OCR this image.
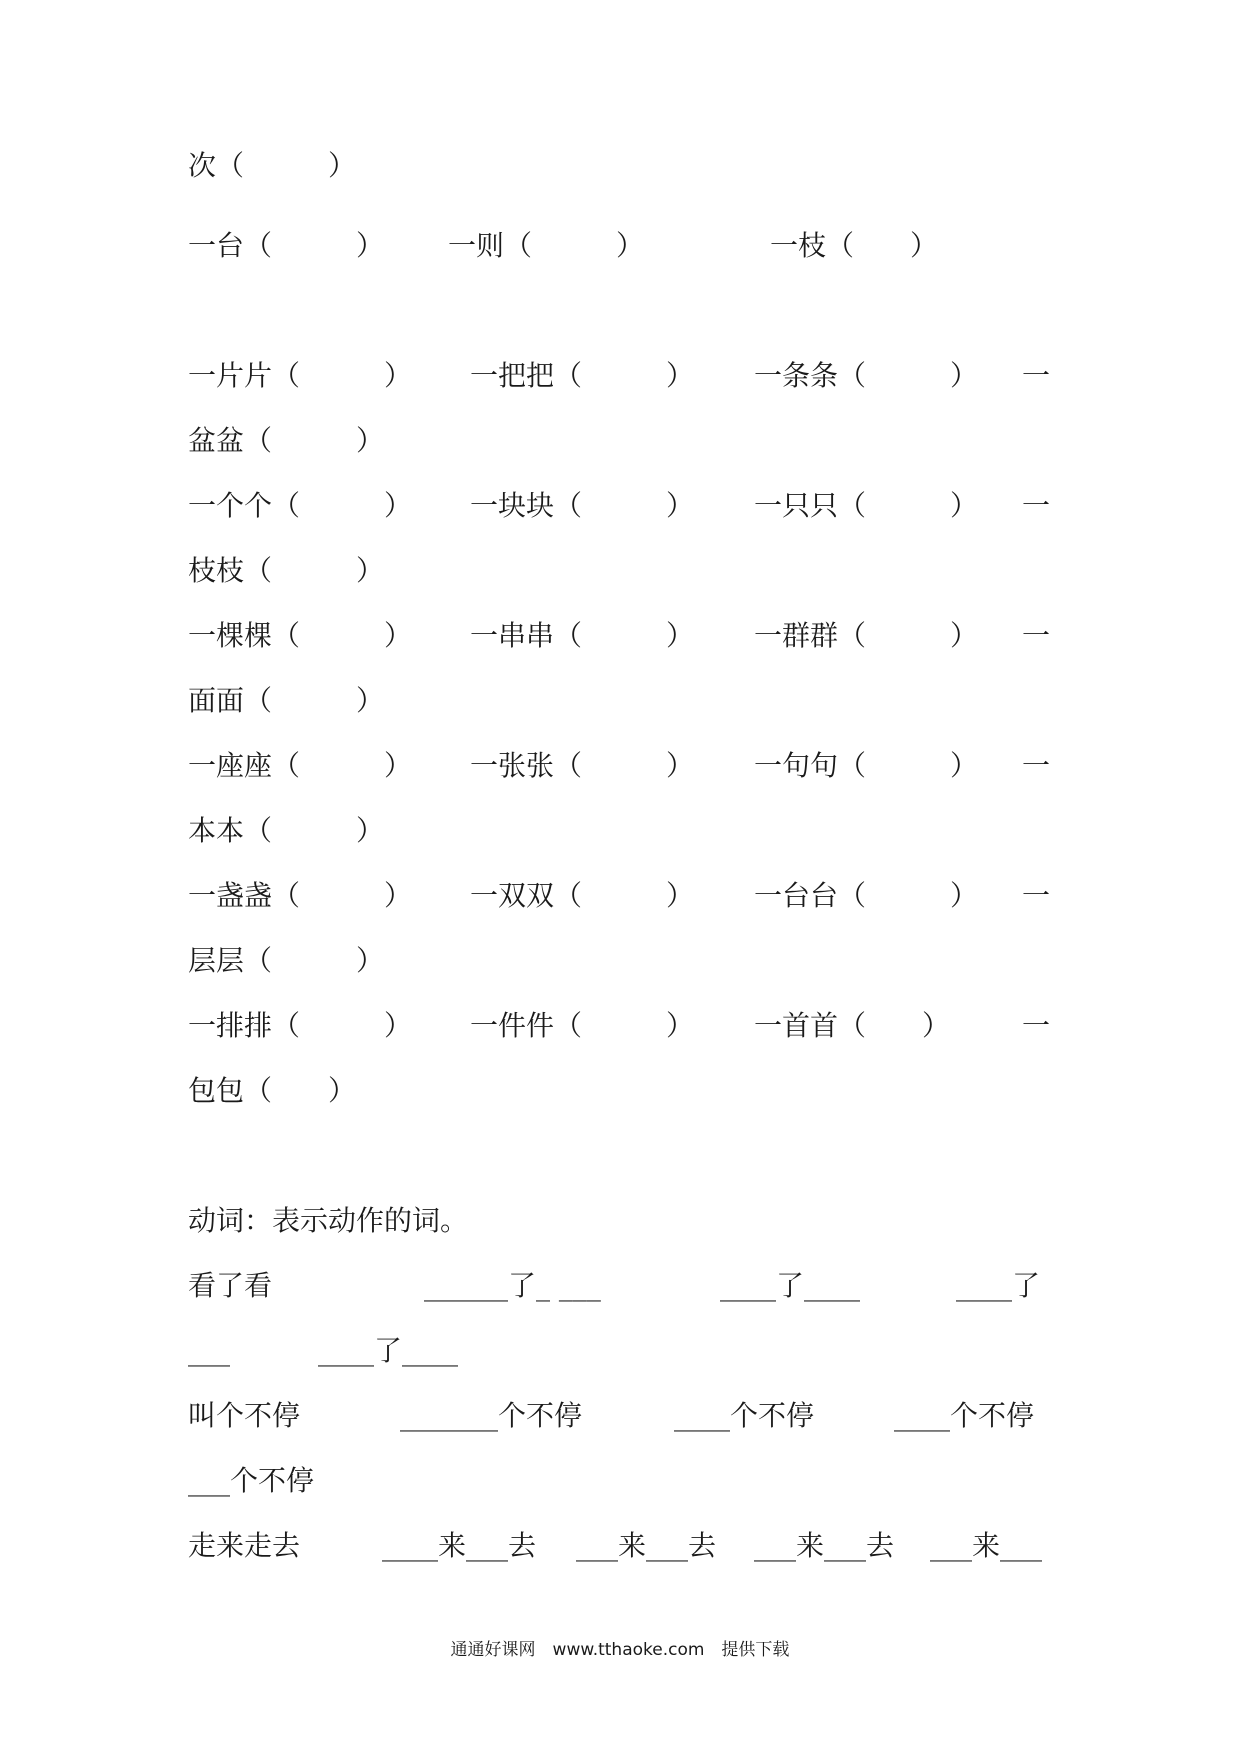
次（　　　）
一台（　　　） 一则（　　　）	一枝（　　）
一片片（　　　） 一把把（　　　） 一条条（　　　） 一
盆盆（　　　）
一个个（　　　） 一块块（　　　） 一只只（　　　） 一
枝枝（　　　）
一棵棵（　　　） 一串串（　　　） 一群群（　　　） 一
面面（　　　）
一座座（　　　） 一张张（　　　） 一句句（　　　） 一
本本（　　　）
一盏盏（　　　） 一双双（　　　） 一台台（　　　） 一
层层（　　　）
一排排（　　　） 一件件（　　　） 一首首（　　）	一
包包（　　）
动词：表示动作的词。
看了看	______了_ ___	____了____	____了
___	____了____
叫个不停	_______个不停	____个不停	____个不停
___个不停
走来走去	____来___去 ___来___去 ___来___去 ___来___
通通好课网　www.tthaoke.com　提供下载
